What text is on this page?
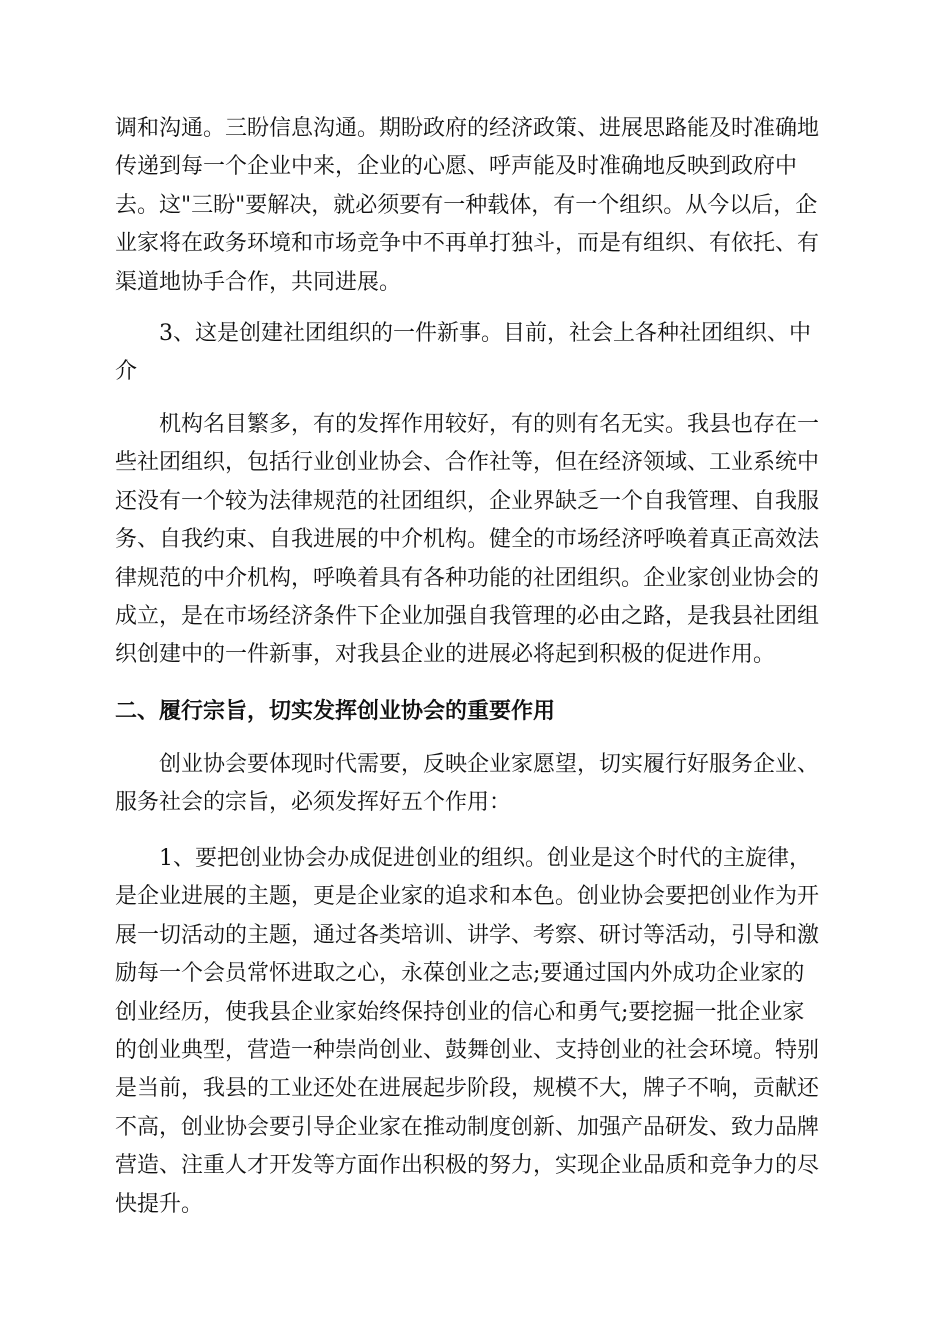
调和沟通。三盼信息沟通。期盼政府的经济政策、进展思路能及时准确地
传递到每一个企业中来，企业的心愿、呼声能及时准确地反映到政府中
去。这"三盼"要解决，就必须要有一种载体，有一个组织。从今以后，企
业家将在政务环境和市场竞争中不再单打独斗，而是有组织、有依托、有
渠道地协手合作，共同进展。
　　3、这是创建社团组织的一件新事。目前，社会上各种社团组织、中
介
　　机构名目繁多，有的发挥作用较好，有的则有名无实。我县也存在一
些社团组织，包括行业创业协会、合作社等，但在经济领域、工业系统中
还没有一个较为法律规范的社团组织，企业界缺乏一个自我管理、自我服
务、自我约束、自我进展的中介机构。健全的市场经济呼唤着真正高效法
律规范的中介机构，呼唤着具有各种功能的社团组织。企业家创业协会的
成立，是在市场经济条件下企业加强自我管理的必由之路，是我县社团组
织创建中的一件新事，对我县企业的进展必将起到积极的促进作用。
二、履行宗旨，切实发挥创业协会的重要作用
　　创业协会要体现时代需要，反映企业家愿望，切实履行好服务企业、
服务社会的宗旨，必须发挥好五个作用：
　　1、要把创业协会办成促进创业的组织。创业是这个时代的主旋律，
是企业进展的主题，更是企业家的追求和本色。创业协会要把创业作为开
展一切活动的主题，通过各类培训、讲学、考察、研讨等活动，引导和激
励每一个会员常怀进取之心，永葆创业之志;要通过国内外成功企业家的
创业经历，使我县企业家始终保持创业的信心和勇气;要挖掘一批企业家
的创业典型，营造一种崇尚创业、鼓舞创业、支持创业的社会环境。特别
是当前，我县的工业还处在进展起步阶段，规模不大，牌子不响，贡献还
不高，创业协会要引导企业家在推动制度创新、加强产品研发、致力品牌
营造、注重人才开发等方面作出积极的努力，实现企业品质和竞争力的尽
快提升。
